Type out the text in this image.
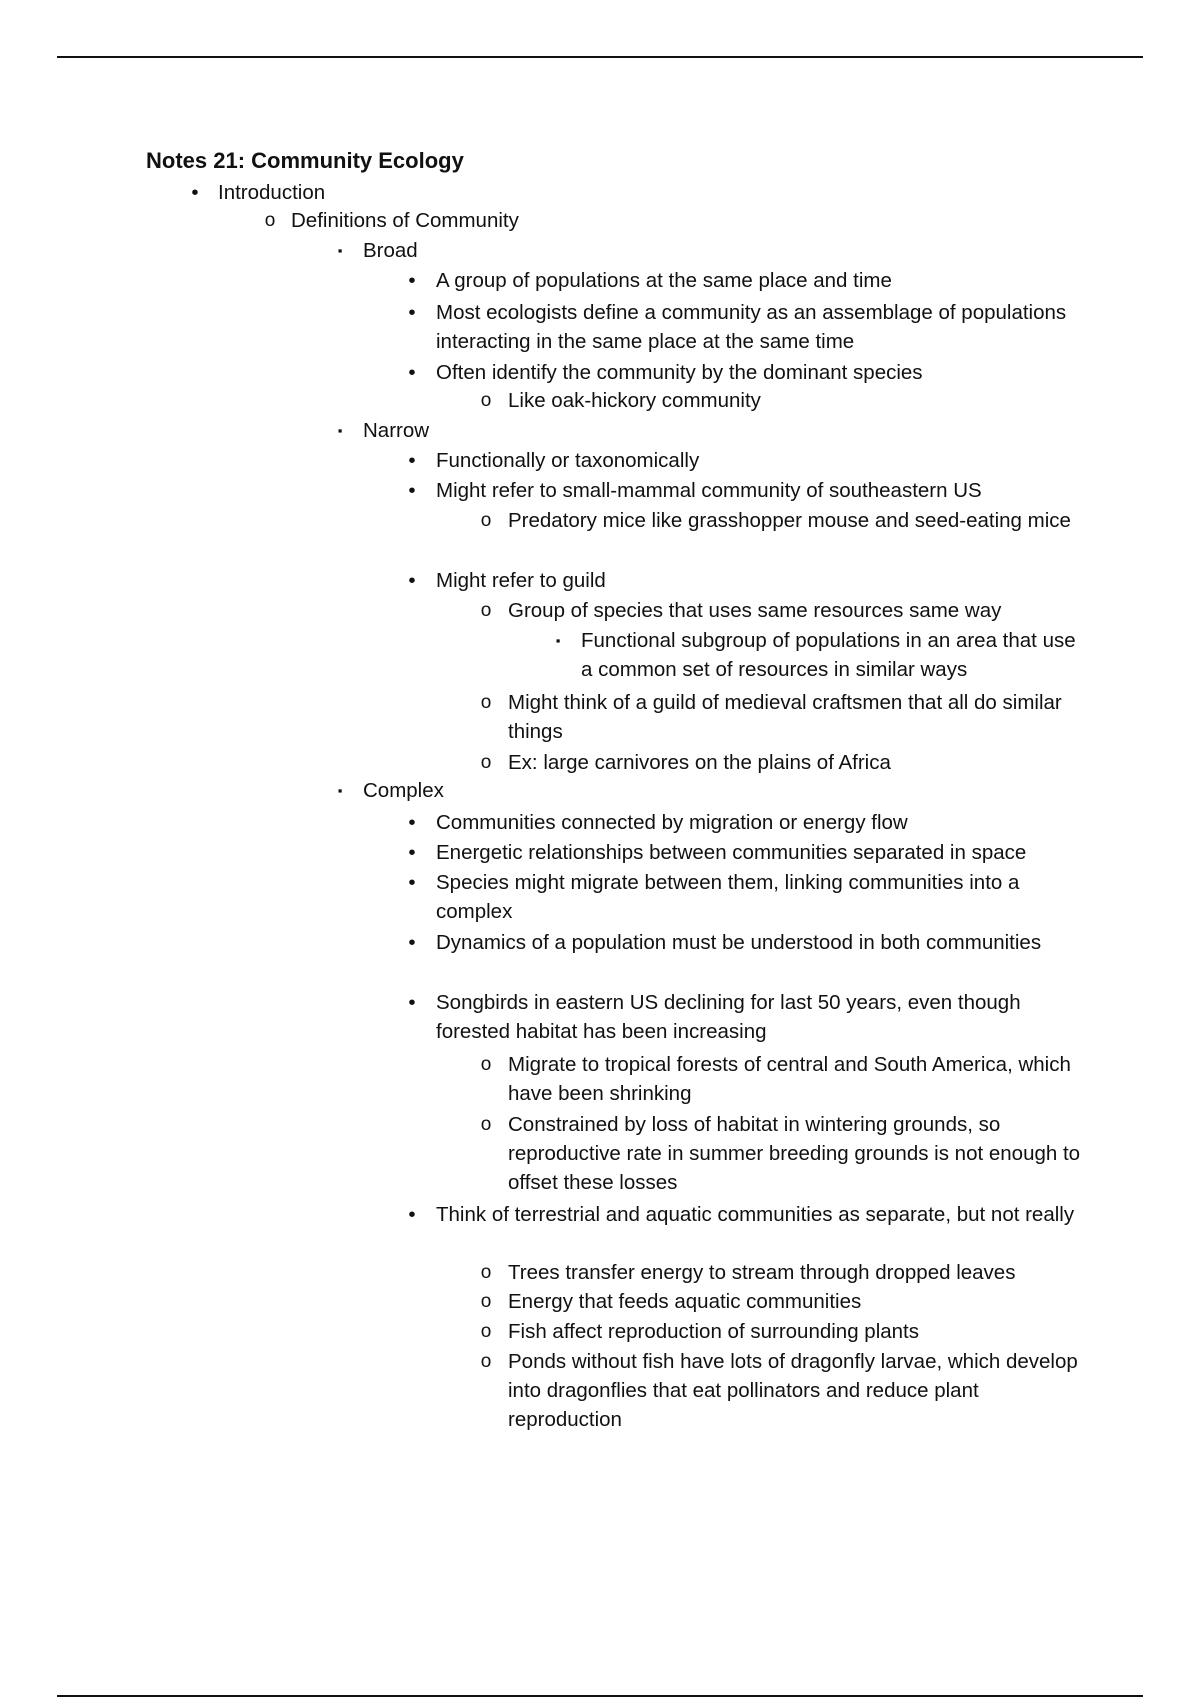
Notes 21: Community Ecology
• Introduction
o Definitions of Community
▪	Broad
• A group of populations at the same place and time
• Most ecologists define a community as an assemblage of populations interacting in the same place at the same time
• Often identify the community by the dominant species
o Like oak-hickory community
▪	Narrow
• Functionally or taxonomically
• Might refer to small-mammal community of southeastern US
o Predatory mice like grasshopper mouse and seed-eating mice
• Might refer to guild
o Group of species that uses same resources same way
▪	Functional subgroup of populations in an area that use a common set of resources in similar ways
o Might think of a guild of medieval craftsmen that all do similar things
o Ex: large carnivores on the plains of Africa
▪	Complex
• Communities connected by migration or energy flow
• Energetic relationships between communities separated in space
• Species might migrate between them, linking communities into a complex
• Dynamics of a population must be understood in both communities
• Songbirds in eastern US declining for last 50 years, even though forested habitat has been increasing
o Migrate to tropical forests of central and South America, which have been shrinking
o Constrained by loss of habitat in wintering grounds, so reproductive rate in summer breeding grounds is not enough to offset these losses
• Think of terrestrial and aquatic communities as separate, but not really
o Trees transfer energy to stream through dropped leaves
o Energy that feeds aquatic communities
o Fish affect reproduction of surrounding plants
o Ponds without fish have lots of dragonfly larvae, which develop into dragonflies that eat pollinators and reduce plant reproduction
